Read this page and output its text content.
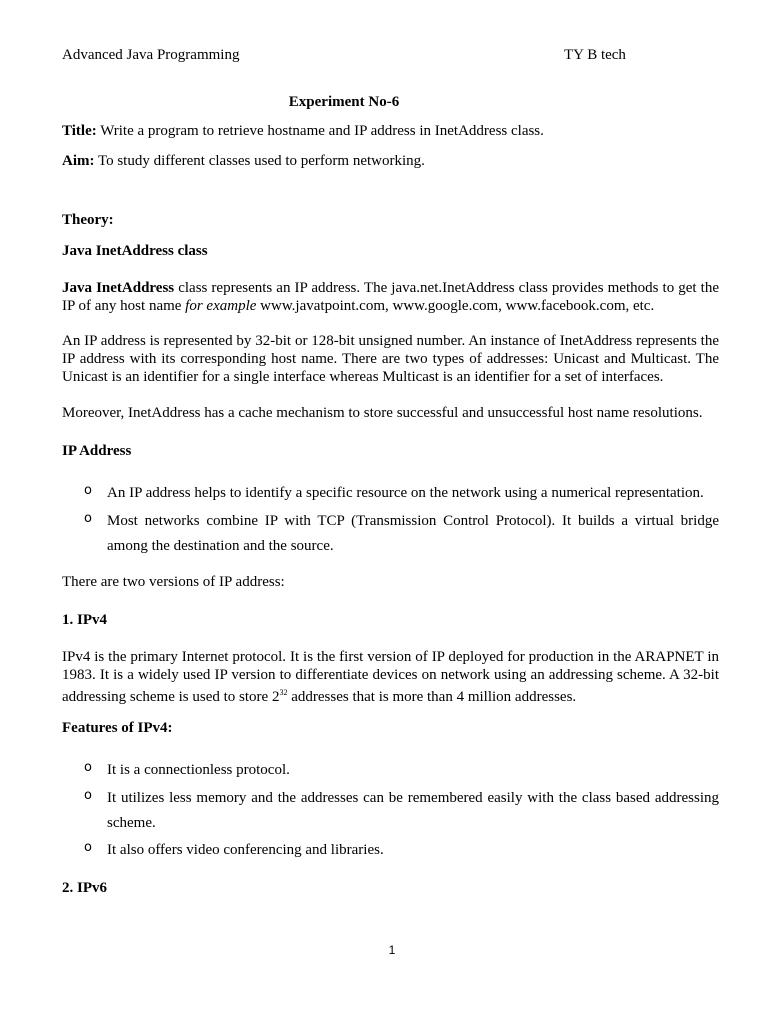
Advanced Java Programming	TY B tech
Experiment No-6
Title: Write a program to retrieve hostname and IP address in InetAddress class.
Aim: To study different classes used to perform networking.
Theory:
Java InetAddress class
Java InetAddress class represents an IP address. The java.net.InetAddress class provides methods to get the IP of any host name for example www.javatpoint.com, www.google.com, www.facebook.com, etc.
An IP address is represented by 32-bit or 128-bit unsigned number. An instance of InetAddress represents the IP address with its corresponding host name. There are two types of addresses: Unicast and Multicast. The Unicast is an identifier for a single interface whereas Multicast is an identifier for a set of interfaces.
Moreover, InetAddress has a cache mechanism to store successful and unsuccessful host name resolutions.
IP Address
o An IP address helps to identify a specific resource on the network using a numerical representation.
o Most networks combine IP with TCP (Transmission Control Protocol). It builds a virtual bridge among the destination and the source.
There are two versions of IP address:
1. IPv4
IPv4 is the primary Internet protocol. It is the first version of IP deployed for production in the ARAPNET in 1983. It is a widely used IP version to differentiate devices on network using an addressing scheme. A 32-bit addressing scheme is used to store $2^{32}$ addresses that is more than 4 million addresses.
Features of IPv4:
o It is a connectionless protocol.
o It utilizes less memory and the addresses can be remembered easily with the class based addressing scheme.
o It also offers video conferencing and libraries.
2. IPv6
1
